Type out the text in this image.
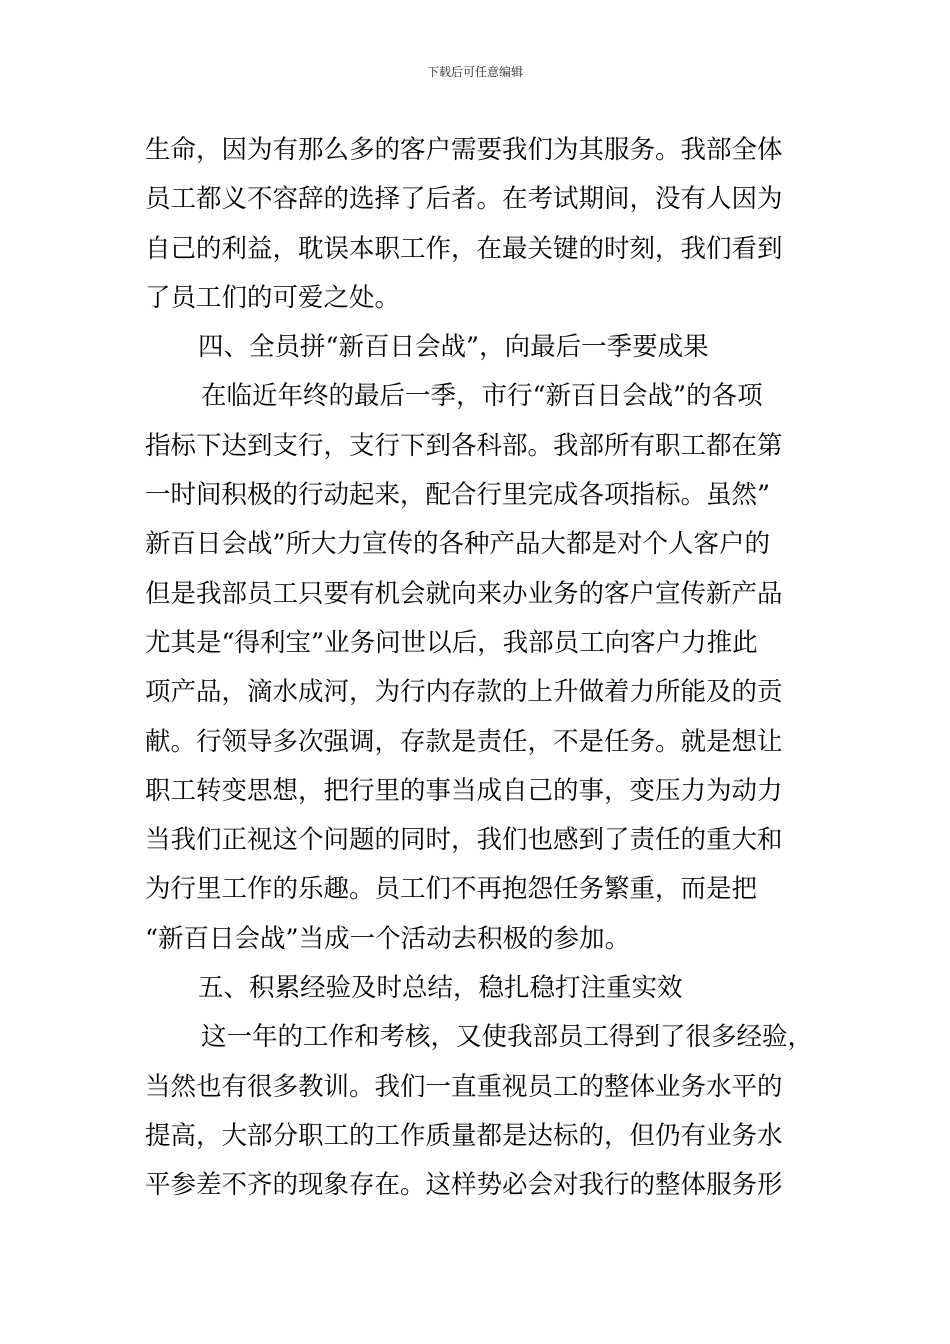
下载后可任意编辑
生命，因为有那么多的客户需要我们为其服务。我部全体
员工都义不容辞的选择了后者。在考试期间，没有人因为
自己的利益，耽误本职工作，在最关键的时刻，我们看到
了员工们的可爱之处。
四、全员拼“新百日会战”，向最后一季要成果
在临近年终的最后一季，市行“新百日会战”的各项
指标下达到支行，支行下到各科部。我部所有职工都在第
一时间积极的行动起来，配合行里完成各项指标。虽然”
新百日会战”所大力宣传的各种产品大都是对个人客户的
但是我部员工只要有机会就向来办业务的客户宣传新产品
尤其是“得利宝”业务问世以后，我部员工向客户力推此
项产品，滴水成河，为行内存款的上升做着力所能及的贡
献。行领导多次强调，存款是责任，不是任务。就是想让
职工转变思想，把行里的事当成自己的事，变压力为动力
当我们正视这个问题的同时，我们也感到了责任的重大和
为行里工作的乐趣。员工们不再抱怨任务繁重，而是把
“新百日会战”当成一个活动去积极的参加。
五、积累经验及时总结，稳扎稳打注重实效
这一年的工作和考核，又使我部员工得到了很多经验，
当然也有很多教训。我们一直重视员工的整体业务水平的
提高，大部分职工的工作质量都是达标的，但仍有业务水
平参差不齐的现象存在。这样势必会对我行的整体服务形
